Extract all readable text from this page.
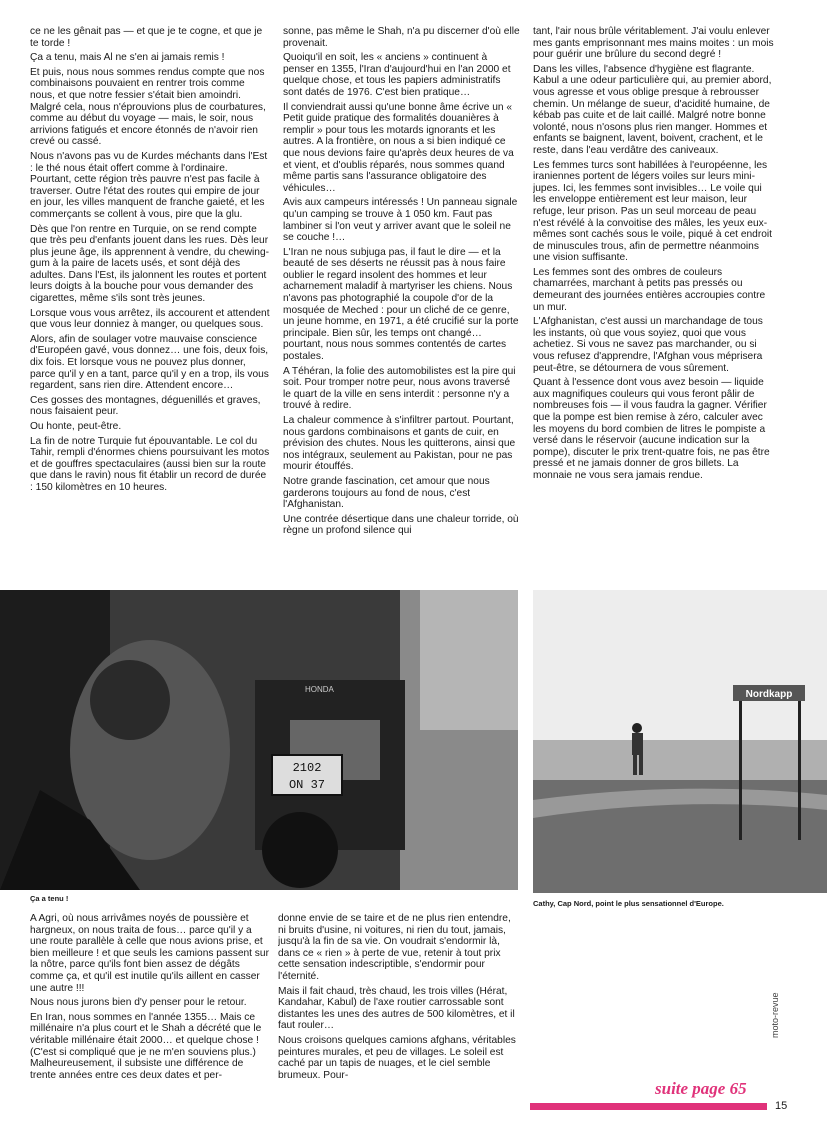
ce ne les gênait pas — et que je te cogne, et que je te torde !

Ça a tenu, mais Al ne s'en ai jamais remis !

Et puis, nous nous sommes rendus compte que nos combinaisons pouvaient en rentrer trois comme nous, et que notre fessier s'était bien amoindri. Malgré cela, nous n'éprouvions plus de courbatures, comme au début du voyage — mais, le soir, nous arrivions fatigués et encore étonnés de n'avoir rien crevé ou cassé.

Nous n'avons pas vu de Kurdes méchants dans l'Est : le thé nous était offert comme à l'ordinaire. Pourtant, cette région très pauvre n'est pas facile à traverser. Outre l'état des routes qui empire de jour en jour, les villes manquent de franche gaieté, et les commerçants se collent à vous, pire que la glu.

Dès que l'on rentre en Turquie, on se rend compte que très peu d'enfants jouent dans les rues. Dès leur plus jeune âge, ils apprennent à vendre, du chewing-gum à la paire de lacets usés, et sont déjà des adultes. Dans l'Est, ils jalonnent les routes et portent leurs doigts à la bouche pour vous demander des cigarettes, même s'ils sont très jeunes.

Lorsque vous vous arrêtez, ils accourent et attendent que vous leur donniez à manger, ou quelques sous.

Alors, afin de soulager votre mauvaise conscience d'Européen gavé, vous donnez… une fois, deux fois, dix fois. Et lorsque vous ne pouvez plus donner, parce qu'il y en a tant, parce qu'il y en a trop, ils vous regardent, sans rien dire. Attendent encore…

Ces gosses des montagnes, déguenillés et graves, nous faisaient peur.

Ou honte, peut-être.

La fin de notre Turquie fut épouvantable. Le col du Tahir, rempli d'énormes chiens poursuivant les motos et de gouffres spectaculaires (aussi bien sur la route que dans le ravin) nous fit établir un record de durée : 150 kilomètres en 10 heures.

sonne, pas même le Shah, n'a pu discerner d'où elle provenait.

Quoiqu'il en soit, les « anciens » continuent à penser en 1355, l'Iran d'aujourd'hui en l'an 2000 et quelque chose, et tous les papiers administratifs sont datés de 1976. C'est bien pratique…

Il conviendrait aussi qu'une bonne âme écrive un « Petit guide pratique des formalités douanières à remplir » pour tous les motards ignorants et les autres. A la frontière, on nous a si bien indiqué ce que nous devions faire qu'après deux heures de va et vient, et d'oublis réparés, nous sommes quand même partis sans l'assurance obligatoire des véhicules…

Avis aux campeurs intéressés ! Un panneau signale qu'un camping se trouve à 1 050 km. Faut pas lambiner si l'on veut y arriver avant que le soleil ne se couche !…

L'Iran ne nous subjuga pas, il faut le dire — et la beauté de ses déserts ne réussit pas à nous faire oublier le regard insolent des hommes et leur acharnement maladif à martyriser les chiens. Nous n'avons pas photographié la coupole d'or de la mosquée de Meched : pour un cliché de ce genre, un jeune homme, en 1971, a été crucifié sur la porte principale. Bien sûr, les temps ont changé… pourtant, nous nous sommes contentés de cartes postales.

A Téhéran, la folie des automobilistes est la pire qui soit. Pour tromper notre peur, nous avons traversé le quart de la ville en sens interdit : personne n'y a trouvé à redire.

La chaleur commence à s'infiltrer partout. Pourtant, nous gardons combinaisons et gants de cuir, en prévision des chutes. Nous les quitterons, ainsi que nos intégraux, seulement au Pakistan, pour ne pas mourir étouffés.

Notre grande fascination, cet amour que nous garderons toujours au fond de nous, c'est l'Afghanistan.

Une contrée désertique dans une chaleur torride, où règne un profond silence qui

tant, l'air nous brûle véritablement. J'ai voulu enlever mes gants emprisonnant mes mains moites : un mois pour guérir une brûlure du second degré !

Dans les villes, l'absence d'hygiène est flagrante. Kabul a une odeur particulière qui, au premier abord, vous agresse et vous oblige presque à rebrousser chemin. Un mélange de sueur, d'acidité humaine, de kébab pas cuite et de lait caillé. Malgré notre bonne volonté, nous n'osons plus rien manger. Hommes et enfants se baignent, lavent, boivent, crachent, et le reste, dans l'eau verdâtre des caniveaux.

Les femmes turcs sont habillées à l'européenne, les iraniennes portent de légers voiles sur leurs mini-jupes. Ici, les femmes sont invisibles… Le voile qui les enveloppe entièrement est leur maison, leur refuge, leur prison. Pas un seul morceau de peau n'est révélé à la convoitise des mâles, les yeux eux-mêmes sont cachés sous le voile, piqué à cet endroit de minuscules trous, afin de permettre néanmoins une vision suffisante.

Les femmes sont des ombres de couleurs chamarrées, marchant à petits pas pressés ou demeurant des journées entières accroupies contre un mur.

L'Afghanistan, c'est aussi un marchandage de tous les instants, où que vous soyiez, quoi que vous achetiez. Si vous ne savez pas marchander, ou si vous refusez d'apprendre, l'Afghan vous méprisera peut-être, se détournera de vous sûrement.

Quant à l'essence dont vous avez besoin — liquide aux magnifiques couleurs qui vous feront pâlir de nombreuses fois — il vous faudra la gagner. Vérifier que la pompe est bien remise à zéro, calculer avec les moyens du bord combien de litres le pompiste a versé dans le réservoir (aucune indication sur la pompe), discuter le prix trent-quatre fois, ne pas être pressé et ne jamais donner de gros billets. La monnaie ne vous sera jamais rendue.

2102
ON 37
HONDA	Nordkapp
Ça a tenu !
Cathy, Cap Nord, point le plus sensationnel d'Europe.

A Agri, où nous arrivâmes noyés de poussière et hargneux, on nous traita de fous… parce qu'il y a une route parallèle à celle que nous avions prise, et bien meilleure ! et que seuls les camions passent sur la nôtre, parce qu'ils font bien assez de dégâts comme ça, et qu'il est inutile qu'ils aillent en casser une autre !!!

Nous nous jurons bien d'y penser pour le retour.

En Iran, nous sommes en l'année 1355… Mais ce millénaire n'a plus court et le Shah a décrété que le véritable millénaire était 2000… et quelque chose ! (C'est si compliqué que je ne m'en souviens plus.) Malheureusement, il subsiste une différence de trente années entre ces deux dates et per-

donne envie de se taire et de ne plus rien entendre, ni bruits d'usine, ni voitures, ni rien du tout, jamais, jusqu'à la fin de sa vie. On voudrait s'endormir là, dans ce « rien » à perte de vue, retenir à tout prix cette sensation indescriptible, s'endormir pour l'éternité.

Mais il fait chaud, très chaud, les trois villes (Hérat, Kandahar, Kabul) de l'axe routier carrossable sont distantes les unes des autres de 500 kilomètres, et il faut rouler…

Nous croisons quelques camions afghans, véritables peintures murales, et peu de villages. Le soleil est caché par un tapis de nuages, et le ciel semble brumeux. Pour-

suite page 65
15
moto-revue
